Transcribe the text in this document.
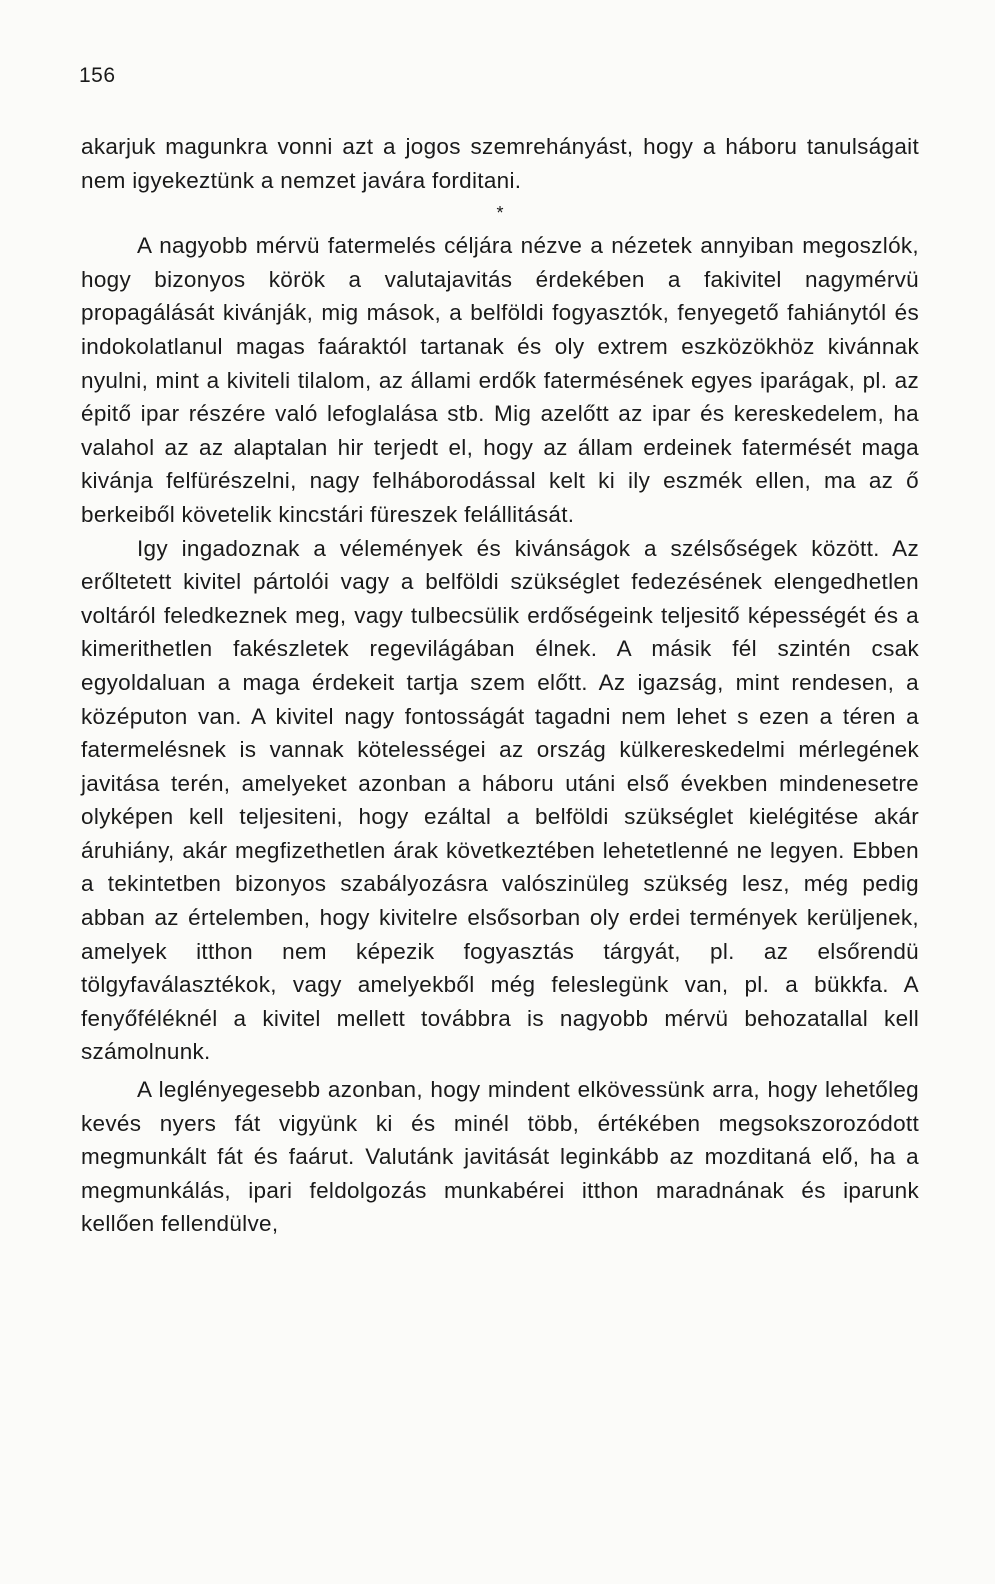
156

akarjuk magunkra vonni azt a jogos szemrehányást, hogy a háboru tanulságait nem igyekeztünk a nemzet javára forditani.

*

A nagyobb mérvü fatermelés céljára nézve a nézetek annyiban megoszlók, hogy bizonyos körök a valutajavitás érdekében a fakivitel nagymérvü propagálását kivánják, mig mások, a belföldi fogyasztók, fenyegető fahiánytól és indokolatlanul magas faáraktól tartanak és oly extrem eszközökhöz kivánnak nyulni, mint a kiviteli tilalom, az állami erdők fatermésének egyes iparágak, pl. az épitő ipar részére való lefoglalása stb. Mig azelőtt az ipar és kereskedelem, ha valahol az az alaptalan hir terjedt el, hogy az állam erdeinek fatermését maga kivánja felfürészelni, nagy felháborodással kelt ki ily eszmék ellen, ma az ő berkeiből követelik kincstári füreszek felállitását.

Igy ingadoznak a vélemények és kivánságok a szélsőségek között. Az erőltetett kivitel pártolói vagy a belföldi szükséglet fedezésének elengedhetlen voltáról feledkeznek meg, vagy tulbecsülik erdőségeink teljesitő képességét és a kimerithetlen fakészletek regevilágában élnek. A másik fél szintén csak egyoldaluan a maga érdekeit tartja szem előtt. Az igazság, mint rendesen, a középuton van. A kivitel nagy fontosságát tagadni nem lehet s ezen a téren a fatermelésnek is vannak kötelességei az ország külkereskedelmi mérlegének javitása terén, amelyeket azonban a háboru utáni első években mindenesetre olyképen kell teljesiteni, hogy ezáltal a belföldi szükséglet kielégitése akár áruhiány, akár megfizethetlen árak következtében lehetetlenné ne legyen. Ebben a tekintetben bizonyos szabályozásra valószinüleg szükség lesz, még pedig abban az értelemben, hogy kivitelre elsősorban oly erdei termények kerüljenek, amelyek itthon nem képezik fogyasztás tárgyát, pl. az elsőrendü tölgyfaválasztékok, vagy amelyekből még feleslegünk van, pl. a bükkfa. A fenyőféléknél a kivitel mellett továbbra is nagyobb mérvü behozatallal kell számolnunk.

A leglényegesebb azonban, hogy mindent elkövessünk arra, hogy lehetőleg kevés nyers fát vigyünk ki és minél több, értékében megsokszorozódott megmunkált fát és faárut. Valutánk javitását leginkább az mozditaná elő, ha a megmunkálás, ipari feldolgozás munkabérei itthon maradnának és iparunk kellően fellendülve,
